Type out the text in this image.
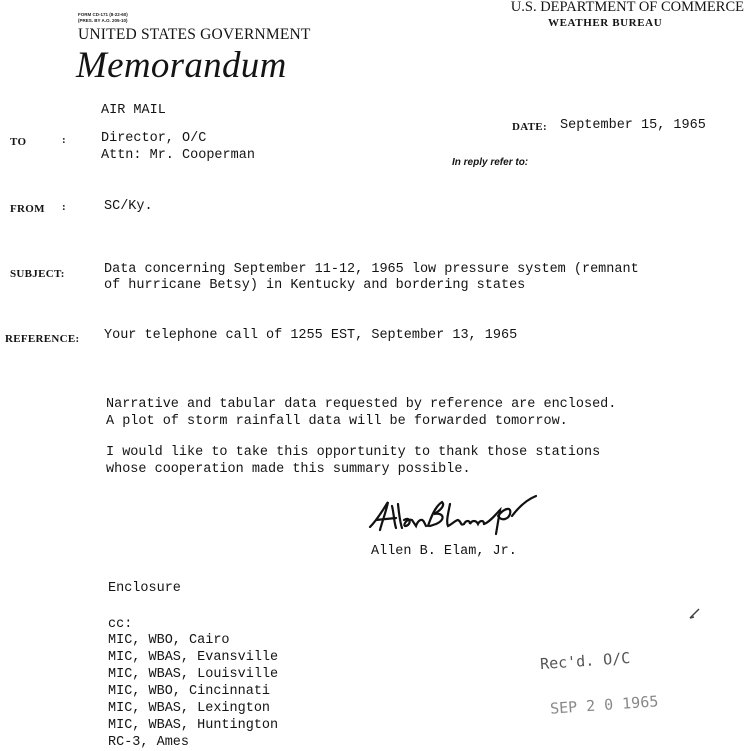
FORM CD-171 (8-22-60)
(PRES. BY A.O. 205-10)
UNITED STATES GOVERNMENT
Memorandum
U.S. DEPARTMENT OF COMMERCE
WEATHER BUREAU
AIR MAIL
TO	:	Director, O/C
Attn: Mr. Cooperman
DATE: September 15, 1965
In reply refer to:
FROM :	SC/Ky.
SUBJECT:	Data concerning September 11-12, 1965 low pressure system (remnant
of hurricane Betsy) in Kentucky and bordering states
REFERENCE: Your telephone call of 1255 EST, September 13, 1965
Narrative and tabular data requested by reference are enclosed.
A plot of storm rainfall data will be forwarded tomorrow.
I would like to take this opportunity to thank those stations
whose cooperation made this summary possible.
Allen B. Elam, Jr.
Enclosure
cc:
MIC, WBO, Cairo
MIC, WBAS, Evansville
MIC, WBAS, Louisville
MIC, WBO, Cincinnati
MIC, WBAS, Lexington
MIC, WBAS, Huntington
RC-3, Ames
Rec'd. O/C
SEP 2 0 1965
